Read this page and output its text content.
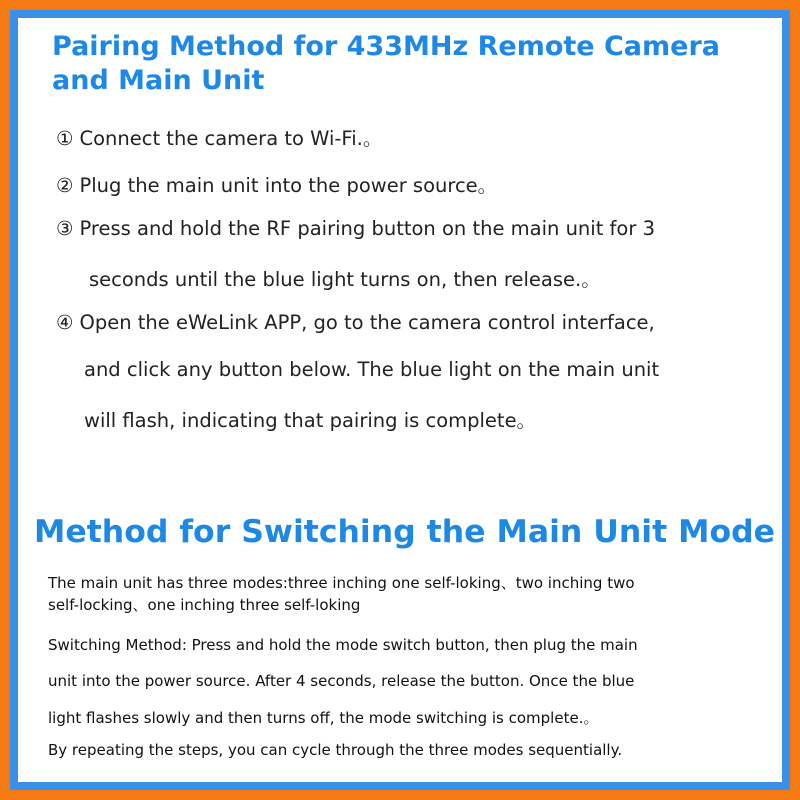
Pairing Method for 433MHz Remote Camera and Main Unit

① Connect the camera to Wi-Fi.。

② Plug the main unit into the power source。

③ Press and hold the RF pairing button on the main unit for 3

seconds until the blue light turns on, then release.。

④ Open the eWeLink APP, go to the camera control interface,

and click any button below. The blue light on the main unit

will flash, indicating that pairing is complete。

Method for Switching the Main Unit Mode

The main unit has three modes:three inching one self-loking、two inching two

self-locking、one inching three self-loking

Switching Method: Press and hold the mode switch button, then plug the main

unit into the power source. After 4 seconds, release the button. Once the blue

light flashes slowly and then turns off, the mode switching is complete.。

By repeating the steps, you can cycle through the three modes sequentially.
